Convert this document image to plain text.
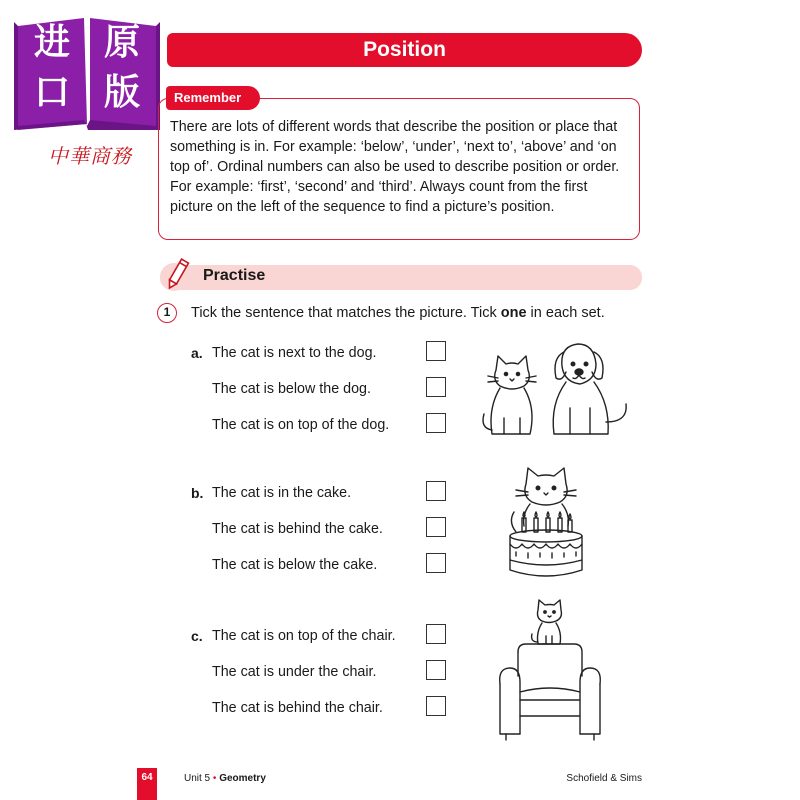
进 原
口 版
中華商務
Position
Remember
There are lots of different words that describe the position or place that something is in. For example: ‘below’, ‘under’, ‘next to’, ‘above’ and ‘on top of’. Ordinal numbers can also be used to describe position or order. For example: ‘first’, ‘second’ and ‘third’. Always count from the first picture on the left of the sequence to find a picture’s position.
Practise
1	Tick the sentence that matches the picture. Tick one in each set.
a. The cat is next to the dog.
The cat is below the dog.
The cat is on top of the dog.
b. The cat is in the cake.
The cat is behind the cake.
The cat is below the cake.
c. The cat is on top of the chair.
The cat is under the chair.
The cat is behind the chair.
64	Unit 5 • Geometry	Schofield & Sims
